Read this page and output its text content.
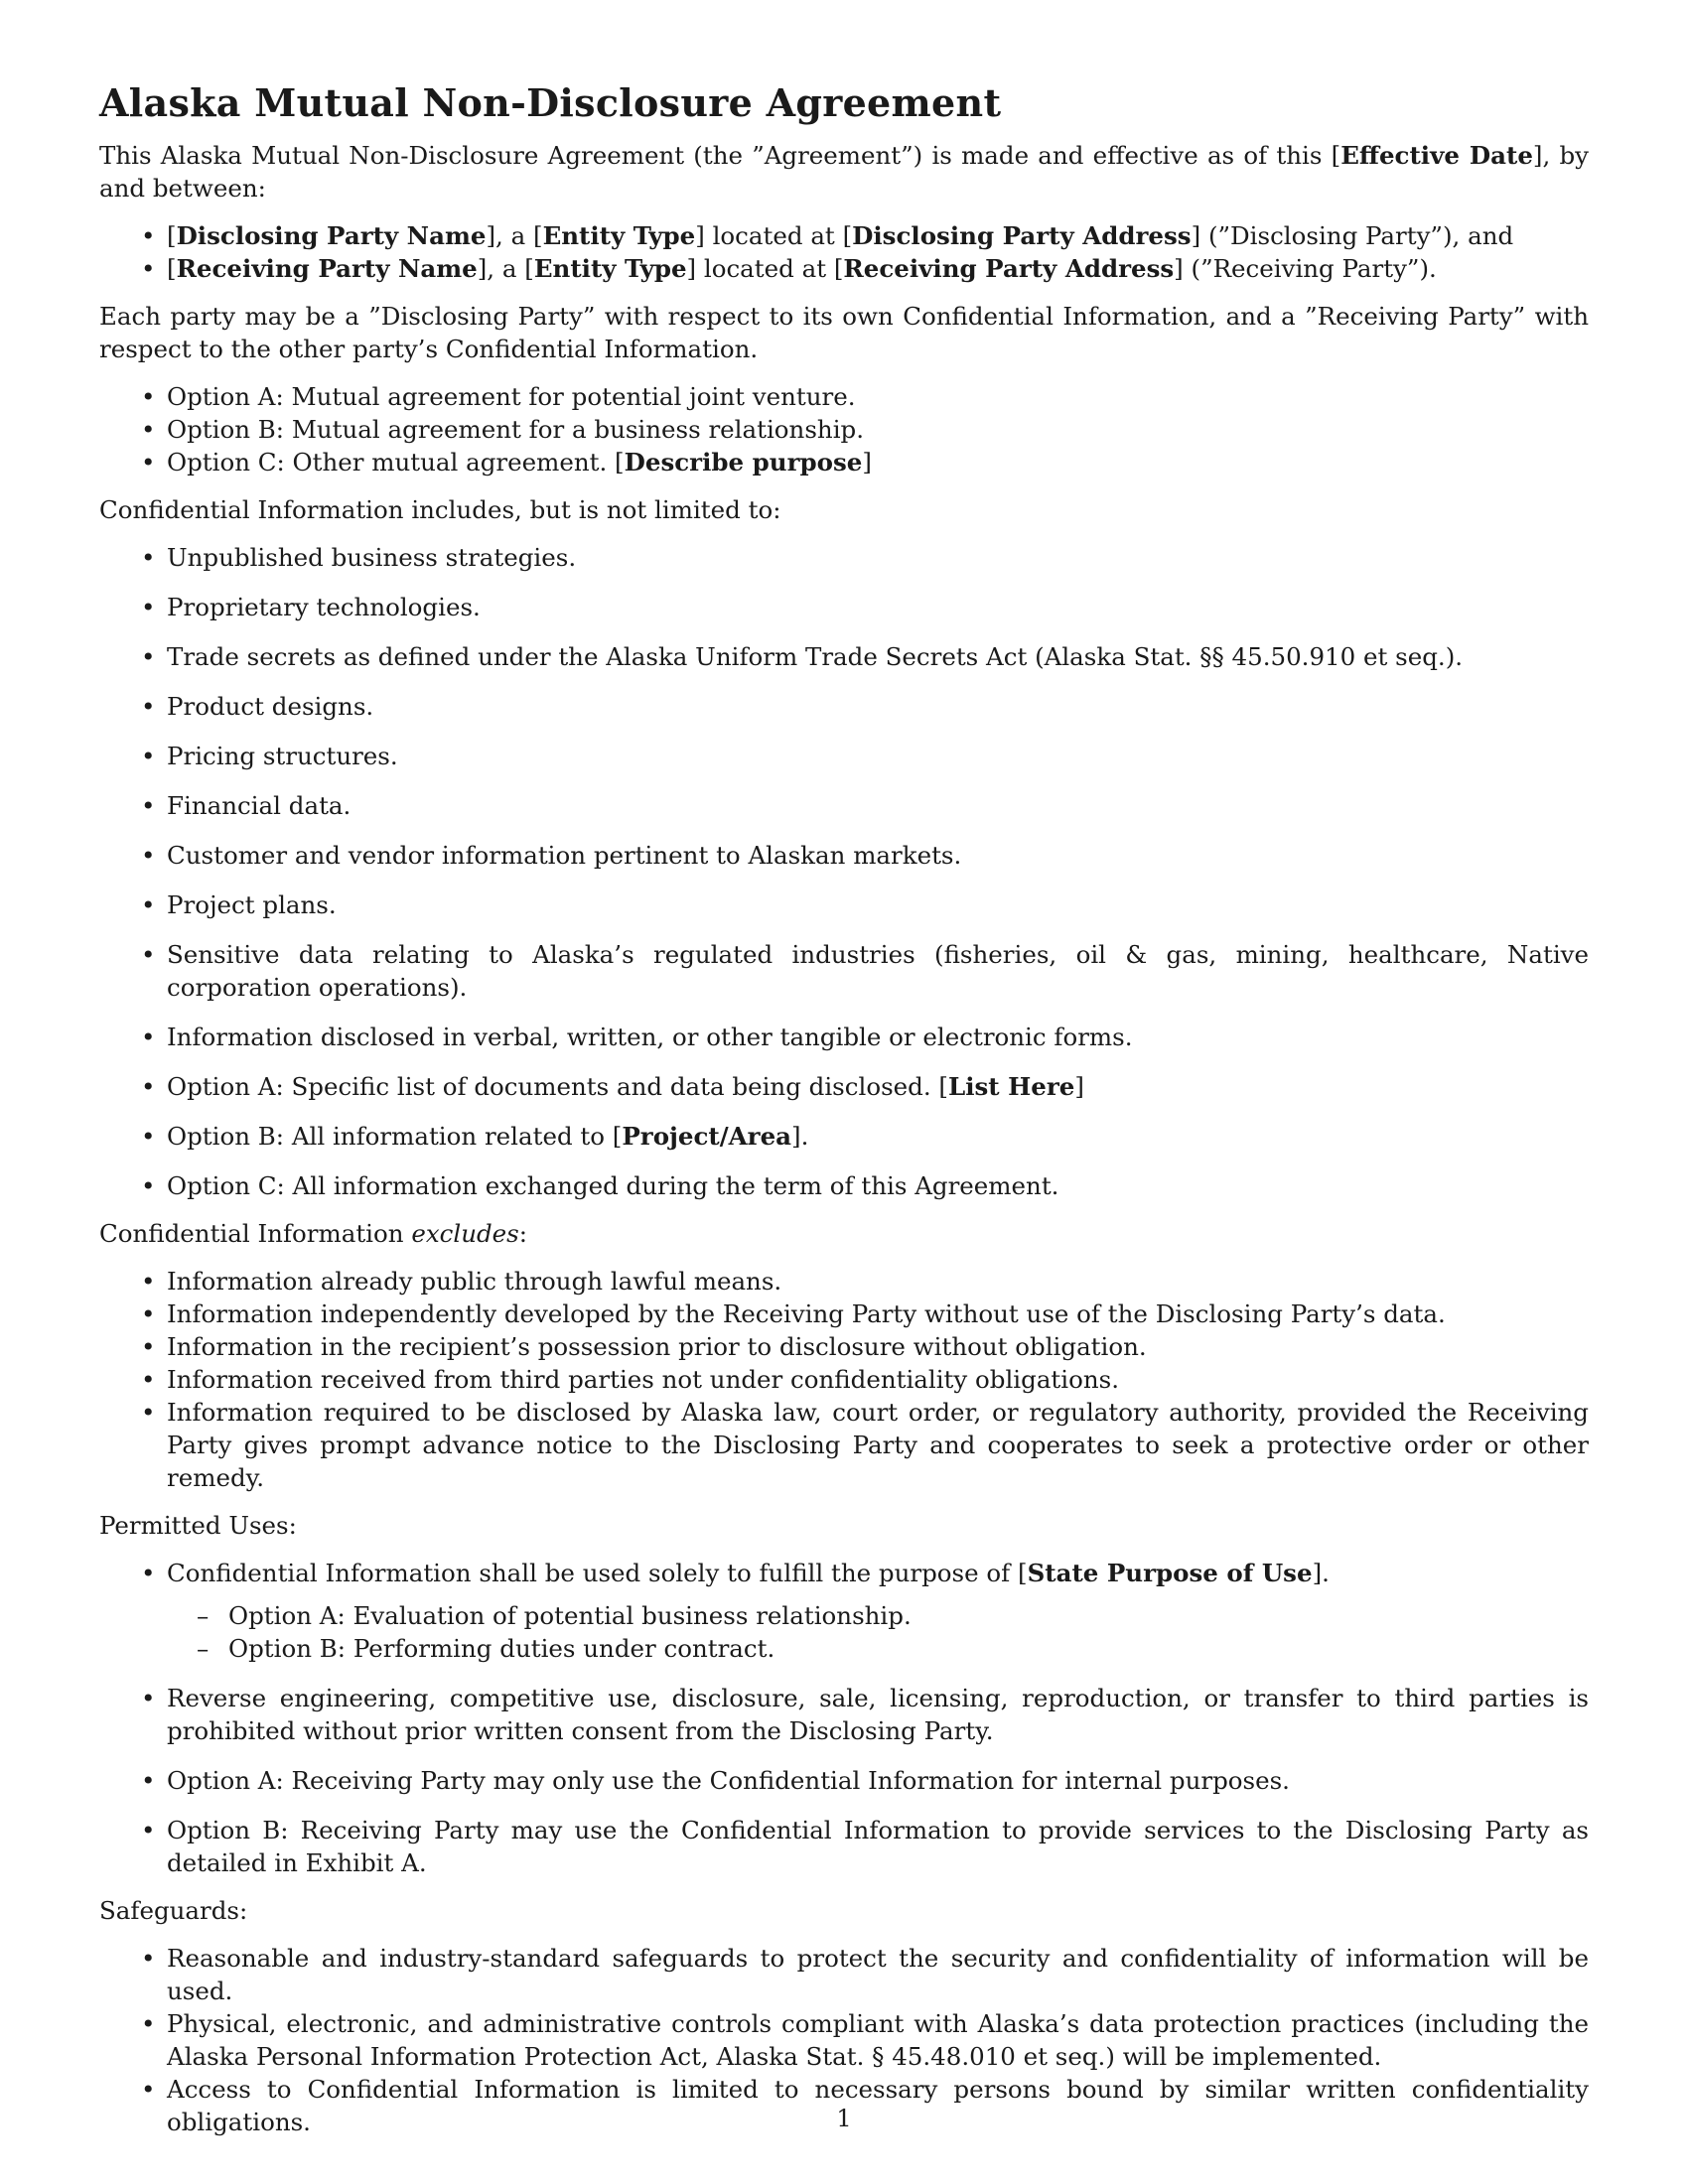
Alaska Mutual Non-Disclosure Agreement

This Alaska Mutual Non-Disclosure Agreement (the ”Agreement”) is made and effective as of this [Effective Date], by and between:

• [Disclosing Party Name], a [Entity Type] located at [Disclosing Party Address] (”Disclosing Party”), and
• [Receiving Party Name], a [Entity Type] located at [Receiving Party Address] (”Receiving Party”).

Each party may be a ”Disclosing Party” with respect to its own Confidential Information, and a ”Receiving Party” with respect to the other party’s Confidential Information.

• Option A: Mutual agreement for potential joint venture.
• Option B: Mutual agreement for a business relationship.
• Option C: Other mutual agreement. [Describe purpose]

Confidential Information includes, but is not limited to:

• Unpublished business strategies.
• Proprietary technologies.
• Trade secrets as defined under the Alaska Uniform Trade Secrets Act (Alaska Stat. §§ 45.50.910 et seq.).
• Product designs.
• Pricing structures.
• Financial data.
• Customer and vendor information pertinent to Alaskan markets.
• Project plans.
• Sensitive data relating to Alaska’s regulated industries (fisheries, oil & gas, mining, healthcare, Native corporation operations).
• Information disclosed in verbal, written, or other tangible or electronic forms.
• Option A: Specific list of documents and data being disclosed. [List Here]
• Option B: All information related to [Project/Area].
• Option C: All information exchanged during the term of this Agreement.

Confidential Information excludes:

• Information already public through lawful means.
• Information independently developed by the Receiving Party without use of the Disclosing Party’s data.
• Information in the recipient’s possession prior to disclosure without obligation.
• Information received from third parties not under confidentiality obligations.
• Information required to be disclosed by Alaska law, court order, or regulatory authority, provided the Receiving Party gives prompt advance notice to the Disclosing Party and cooperates to seek a protective order or other remedy.

Permitted Uses:

• Confidential Information shall be used solely to fulfill the purpose of [State Purpose of Use].
– Option A: Evaluation of potential business relationship.
– Option B: Performing duties under contract.
• Reverse engineering, competitive use, disclosure, sale, licensing, reproduction, or transfer to third parties is prohibited without prior written consent from the Disclosing Party.
• Option A: Receiving Party may only use the Confidential Information for internal purposes.
• Option B: Receiving Party may use the Confidential Information to provide services to the Disclosing Party as detailed in Exhibit A.

Safeguards:

• Reasonable and industry-standard safeguards to protect the security and confidentiality of information will be used.
• Physical, electronic, and administrative controls compliant with Alaska’s data protection practices (including the Alaska Personal Information Protection Act, Alaska Stat. § 45.48.010 et seq.) will be implemented.
• Access to Confidential Information is limited to necessary persons bound by similar written confidentiality obligations.	1
